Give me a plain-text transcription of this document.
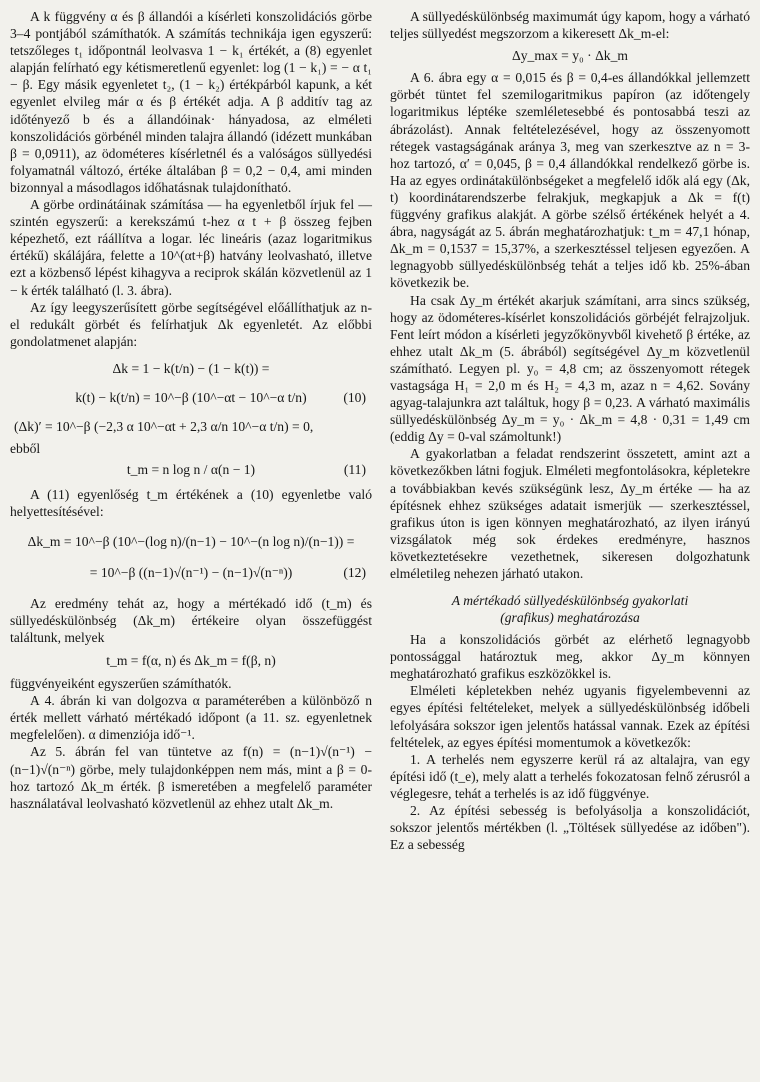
A k függvény α és β állandói a kísérleti konszolidációs görbe 3–4 pontjából számíthatók. A számítás technikája igen egyszerű: tetszőleges t₁ időpontnál leolvasva 1 − k₁ értékét, a (8) egyenlet alapján felírható egy kétismeretlenű egyenlet: log (1 − k₁) = − α t₁ − β. Egy másik egyenletet t₂, (1 − k₂) értékpárból kapunk, a két egyenlet elvileg már α és β értékét adja. A β additív tag az időtényező b és a állandóinak· hányadosa, az elméleti konszolidációs görbénél minden talajra állandó (idézett munkában β = 0,0911), az ödométeres kísérletnél és a valóságos süllyedési folyamatnál változó, értéke általában β = 0,2 − 0,4, ami minden bizonnyal a másodlagos időhatásnak tulajdonítható.

A görbe ordinátáinak számítása — ha egyenletből írjuk fel — szintén egyszerű: a kerekszámú t-hez α t + β összeg fejben képezhető, ezt ráállítva a logar. léc lineáris (azaz logaritmikus értékű) skálájára, felette a 10^(αt+β) hatvány leolvasható, illetve ezt a közbenső lépést kihagyva a reciprok skálán közvetlenül az 1 − k érték található (l. 3. ábra).

Az így leegyszerűsített görbe segítségével előállíthatjuk az n-el redukált görbét és felírhatjuk Δk egyenletét. Az előbbi gondolatmenet alapján:

Δk = 1 − k(t/n) − (1 − k(t)) =
k(t) − k(t/n) = 10^−β (10^−αt − 10^−α t/n)	(10)
(Δk)′ = 10^−β (−2,3 α 10^−αt + 2,3 α/n 10^−α t/n) = 0,

ebből

t_m = n log n / α(n − 1)	(11)

A (11) egyenlőség t_m értékének a (10) egyenletbe való helyettesítésével:

Δk_m = 10^−β (10^−(log n)/(n−1) − 10^−(n log n)/(n−1)) =
= 10^−β ((n−1)√(n⁻¹) − (n−1)√(n⁻ⁿ))	(12)

Az eredmény tehát az, hogy a mértékadó idő (t_m) és süllyedéskülönbség (Δk_m) értékeire olyan összefüggést találtunk, melyek

t_m = f(α, n) és Δk_m = f(β, n)

függvényeiként egyszerűen számíthatók.

A 4. ábrán ki van dolgozva α paraméterében a különböző n érték mellett várható mértékadó időpont (a 11. sz. egyenletnek megfelelően). α dimenziója idő⁻¹.

Az 5. ábrán fel van tüntetve az f(n) = (n−1)√(n⁻¹) − (n−1)√(n⁻ⁿ) görbe, mely tulajdonképpen nem más, mint a β = 0-hoz tartozó Δk_m érték. β ismeretében a megfelelő paraméter használatával leolvasható közvetlenül az ehhez utalt Δk_m.

A süllyedéskülönbség maximumát úgy kapom, hogy a várható teljes süllyedést megszorzom a kikeresett Δk_m-el:

Δy_max = y₀ · Δk_m

A 6. ábra egy α = 0,015 és β = 0,4-es állandókkal jellemzett görbét tüntet fel szemilogaritmikus papíron (az időtengely logaritmikus léptéke szemléletesebbé és pontosabbá teszi az ábrázolást). Annak feltételezésével, hogy az összenyomott rétegek vastagságának aránya 3, meg van szerkesztve az n = 3-hoz tartozó, α′ = 0,045, β = 0,4 állandókkal rendelkező görbe is. Ha az egyes ordinátakülönbségeket a megfelelő idők alá egy (Δk, t) koordinátarendszerbe felrakjuk, megkapjuk a Δk = f(t) függvény grafikus alakját. A görbe szélső értékének helyét a 4. ábra, nagyságát az 5. ábrán meghatározhatjuk: t_m = 47,1 hónap, Δk_m = 0,1537 = 15,37%, a szerkesztéssel teljesen egyezően. A legnagyobb süllyedéskülönbség tehát a teljes idő kb. 25%-ában következik be.

Ha csak Δy_m értékét akarjuk számítani, arra sincs szükség, hogy az ödométeres-kísérlet konszolidációs görbéjét felrajzoljuk. Fent leírt módon a kísérleti jegyzőkönyvből kivehető β értéke, az ehhez utalt Δk_m (5. ábrából) segítségével Δy_m közvetlenül számítható. Legyen pl. y₀ = 4,8 cm; az összenyomott rétegek vastagsága H₁ = 2,0 m és H₂ = 4,3 m, azaz n = 4,62. Sovány agyag-talajunkra azt találtuk, hogy β = 0,23. A várható maximális süllyedéskülönbség Δy_m = y₀ · Δk_m = 4,8 · 0,31 = 1,49 cm (eddig Δy = 0-val számoltunk!)

A gyakorlatban a feladat rendszerint összetett, amint azt a következőkben látni fogjuk. Elméleti megfontolásokra, képletekre a továbbiakban kevés szükségünk lesz, Δy_m értéke — ha az építésnek ehhez szükséges adatait ismerjük — szerkesztéssel, grafikus úton is igen könnyen meghatározható, az ilyen irányú vizsgálatok még sok érdekes eredményre, hasznos következtetésekre vezethetnek, sikeresen dolgozhatunk elméletileg nehezen járható utakon.

A mértékadó süllyedéskülönbség gyakorlati
(grafikus) meghatározása

Ha a konszolidációs görbét az elérhető legnagyobb pontossággal határoztuk meg, akkor Δy_m könnyen meghatározható grafikus eszközökkel is.

Elméleti képletekben nehéz ugyanis figyelembevenni az egyes építési feltételeket, melyek a süllyedéskülönbség időbeli lefolyására sokszor igen jelentős hatással vannak. Ezek az építési feltételek, az egyes építési momentumok a következők:

1. A terhelés nem egyszerre kerül rá az altalajra, van egy építési idő (t_e), mely alatt a terhelés fokozatosan felnő zérusról a véglegesre, tehát a terhelés is az idő függvénye.

2. Az építési sebesség is befolyásolja a konszolidációt, sokszor jelentős mértékben (l. „Töltések süllyedése az időben"). Ez a sebesség
